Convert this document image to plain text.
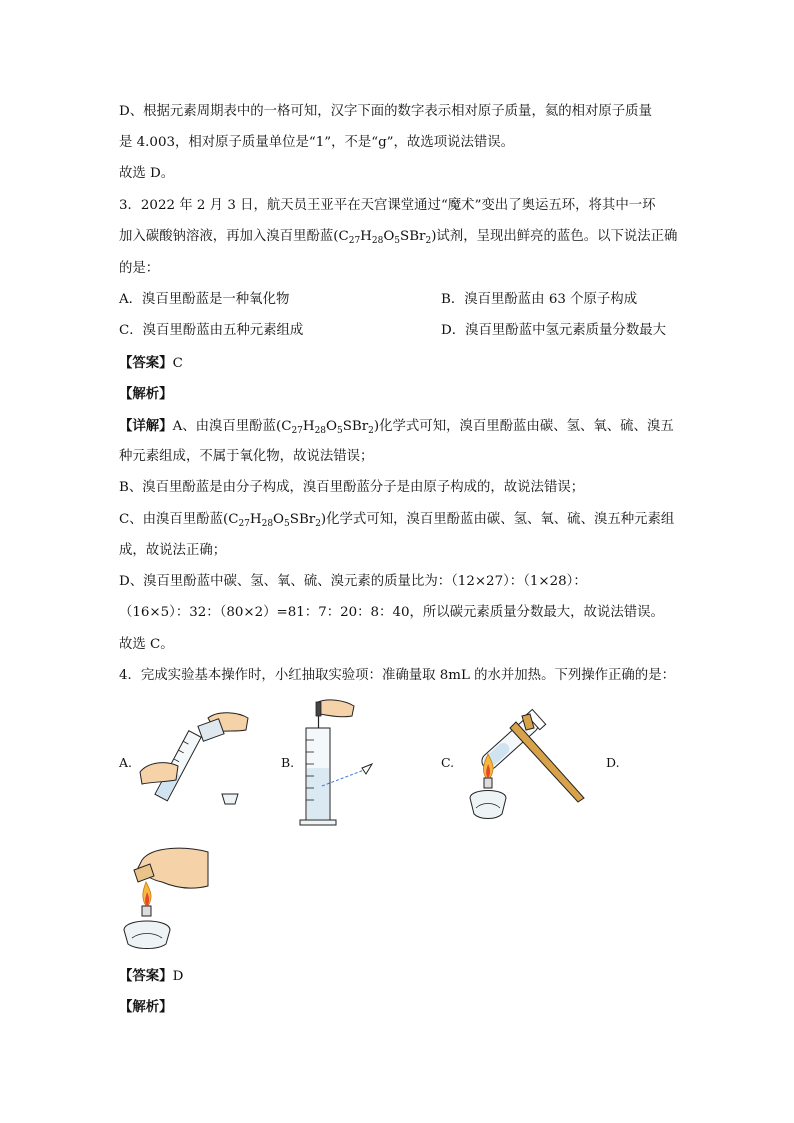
D、根据元素周期表中的一格可知，汉字下面的数字表示相对原子质量，氦的相对原子质量
是 4.003，相对原子质量单位是“1”，不是“g”，故选项说法错误。
故选 D。
3．2022 年 2 月 3 日，航天员王亚平在天宫课堂通过“魔术”变出了奥运五环，将其中一环
加入碳酸钠溶液，再加入溴百里酚蓝$(C_{27}H_{28}O_5SBr_2)$试剂，呈现出鲜亮的蓝色。以下说法正确
的是：
A．溴百里酚蓝是一种氧化物	B．溴百里酚蓝由 63 个原子构成
C．溴百里酚蓝由五种元素组成	D．溴百里酚蓝中氢元素质量分数最大
【答案】C
【解析】
【详解】A、由溴百里酚蓝$(C_{27}H_{28}O_5SBr_2)$化学式可知，溴百里酚蓝由碳、氢、氧、硫、溴五
种元素组成，不属于氧化物，故说法错误；
B、溴百里酚蓝是由分子构成，溴百里酚蓝分子是由原子构成的，故说法错误；
C、由溴百里酚蓝$(C_{27}H_{28}O_5SBr_2)$化学式可知，溴百里酚蓝由碳、氢、氧、硫、溴五种元素组
成，故说法正确；
D、溴百里酚蓝中碳、氢、氧、硫、溴元素的质量比为：（12×27）：（1×28）：
（16×5）：32：（80×2）=81：7：20：8：40，所以碳元素质量分数最大，故说法错误。
故选 C。
4．完成实验基本操作时，小红抽取实验项：准确量取 8mL 的水并加热。下列操作正确的是：
A.	B.	C.	D.
【答案】D
【解析】
